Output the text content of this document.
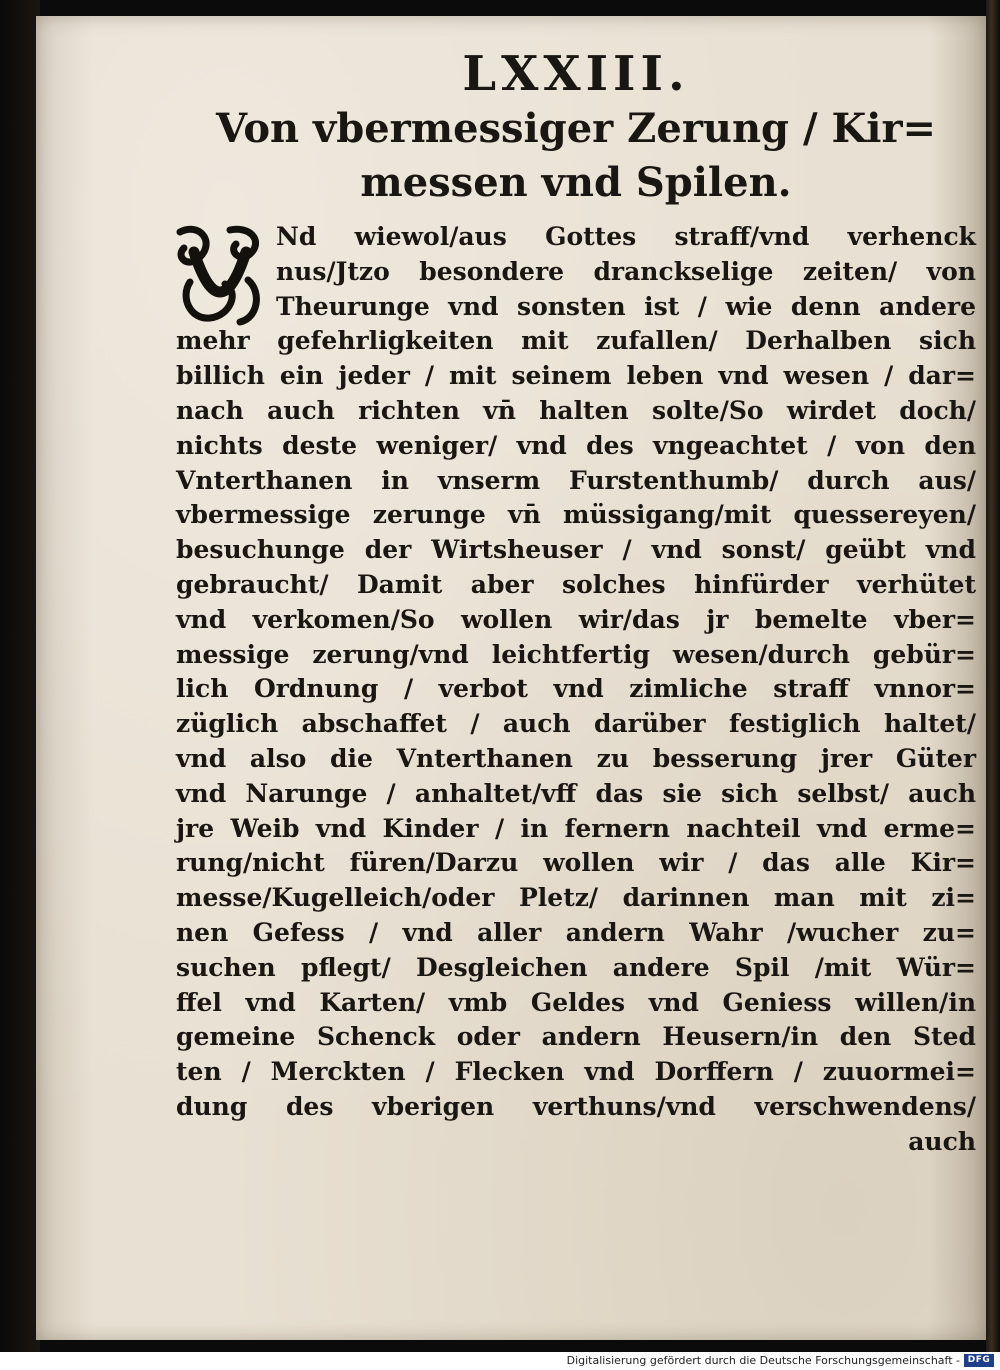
LXXIII.
Von vbermessiger Zerung / Kir=
messen vnd Spilen.
Nd wiewol/aus Gottes straff/vnd verhenck
nus/Jtzo besondere dranckselige zeiten/ von
Theurunge vnd sonsten ist / wie denn andere
mehr gefehrligkeiten mit zufallen/ Derhalben sich
billich ein jeder / mit seinem leben vnd wesen / dar=
nach auch richten vn̄ halten solte/So wirdet doch/
nichts deste weniger/ vnd des vngeachtet / von den
Vnterthanen in vnserm Furstenthumb/ durch aus/
vbermessige zerunge vn̄ müssigang/mit quessereyen/
besuchunge der Wirtsheuser / vnd sonst/ geübt vnd
gebraucht/ Damit aber solches hinfürder verhütet
vnd verkomen/So wollen wir/das jr bemelte vber=
messige zerung/vnd leichtfertig wesen/durch gebür=
lich Ordnung / verbot vnd zimliche straff vnnor=
züglich abschaffet / auch darüber festiglich haltet/
vnd also die Vnterthanen zu besserung jrer Güter
vnd Narunge / anhaltet/vff das sie sich selbst/ auch
jre Weib vnd Kinder / in fernern nachteil vnd erme=
rung/nicht füren/Darzu wollen wir / das alle Kir=
messe/Kugelleich/oder Pletz/ darinnen man mit zi=
nen Gefess / vnd aller andern Wahr /wucher zu=
suchen pflegt/ Desgleichen andere Spil /mit Wür=
ffel vnd Karten/ vmb Geldes vnd Geniess willen/in
gemeine Schenck oder andern Heusern/in den Sted
ten / Merckten / Flecken vnd Dorffern / zuuormei=
dung des vberigen verthuns/vnd verschwendens/
auch
Digitalisierung gefördert durch die Deutsche Forschungsgemeinschaft - DFG
